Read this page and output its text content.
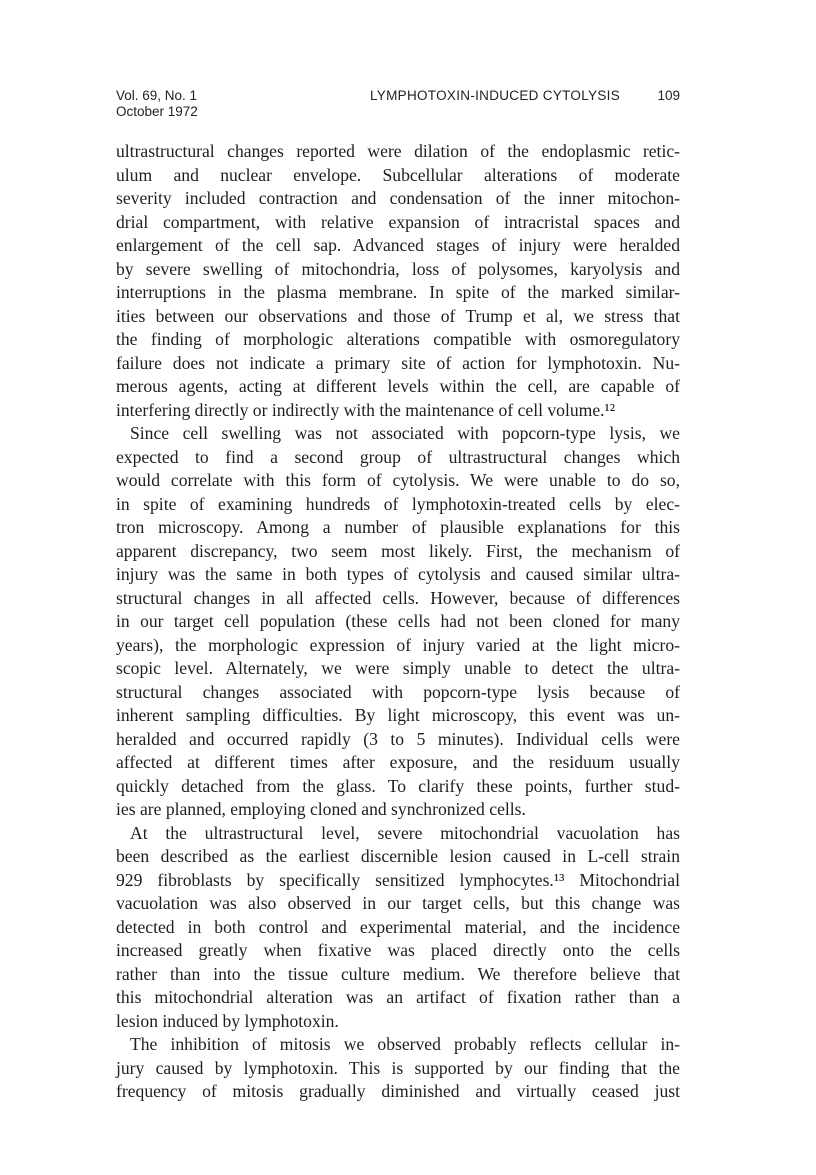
Vol. 69, No. 1
October 1972
LYMPHOTOXIN-INDUCED CYTOLYSIS	109
ultrastructural changes reported were dilation of the endoplasmic retic-
ulum and nuclear envelope. Subcellular alterations of moderate
severity included contraction and condensation of the inner mitochon-
drial compartment, with relative expansion of intracristal spaces and
enlargement of the cell sap. Advanced stages of injury were heralded
by severe swelling of mitochondria, loss of polysomes, karyolysis and
interruptions in the plasma membrane. In spite of the marked similar-
ities between our observations and those of Trump et al, we stress that
the finding of morphologic alterations compatible with osmoregulatory
failure does not indicate a primary site of action for lymphotoxin. Nu-
merous agents, acting at different levels within the cell, are capable of
interfering directly or indirectly with the maintenance of cell volume.¹²
Since cell swelling was not associated with popcorn-type lysis, we
expected to find a second group of ultrastructural changes which
would correlate with this form of cytolysis. We were unable to do so,
in spite of examining hundreds of lymphotoxin-treated cells by elec-
tron microscopy. Among a number of plausible explanations for this
apparent discrepancy, two seem most likely. First, the mechanism of
injury was the same in both types of cytolysis and caused similar ultra-
structural changes in all affected cells. However, because of differences
in our target cell population (these cells had not been cloned for many
years), the morphologic expression of injury varied at the light micro-
scopic level. Alternately, we were simply unable to detect the ultra-
structural changes associated with popcorn-type lysis because of
inherent sampling difficulties. By light microscopy, this event was un-
heralded and occurred rapidly (3 to 5 minutes). Individual cells were
affected at different times after exposure, and the residuum usually
quickly detached from the glass. To clarify these points, further stud-
ies are planned, employing cloned and synchronized cells.
At the ultrastructural level, severe mitochondrial vacuolation has
been described as the earliest discernible lesion caused in L-cell strain
929 fibroblasts by specifically sensitized lymphocytes.¹³ Mitochondrial
vacuolation was also observed in our target cells, but this change was
detected in both control and experimental material, and the incidence
increased greatly when fixative was placed directly onto the cells
rather than into the tissue culture medium. We therefore believe that
this mitochondrial alteration was an artifact of fixation rather than a
lesion induced by lymphotoxin.
The inhibition of mitosis we observed probably reflects cellular in-
jury caused by lymphotoxin. This is supported by our finding that the
frequency of mitosis gradually diminished and virtually ceased just
